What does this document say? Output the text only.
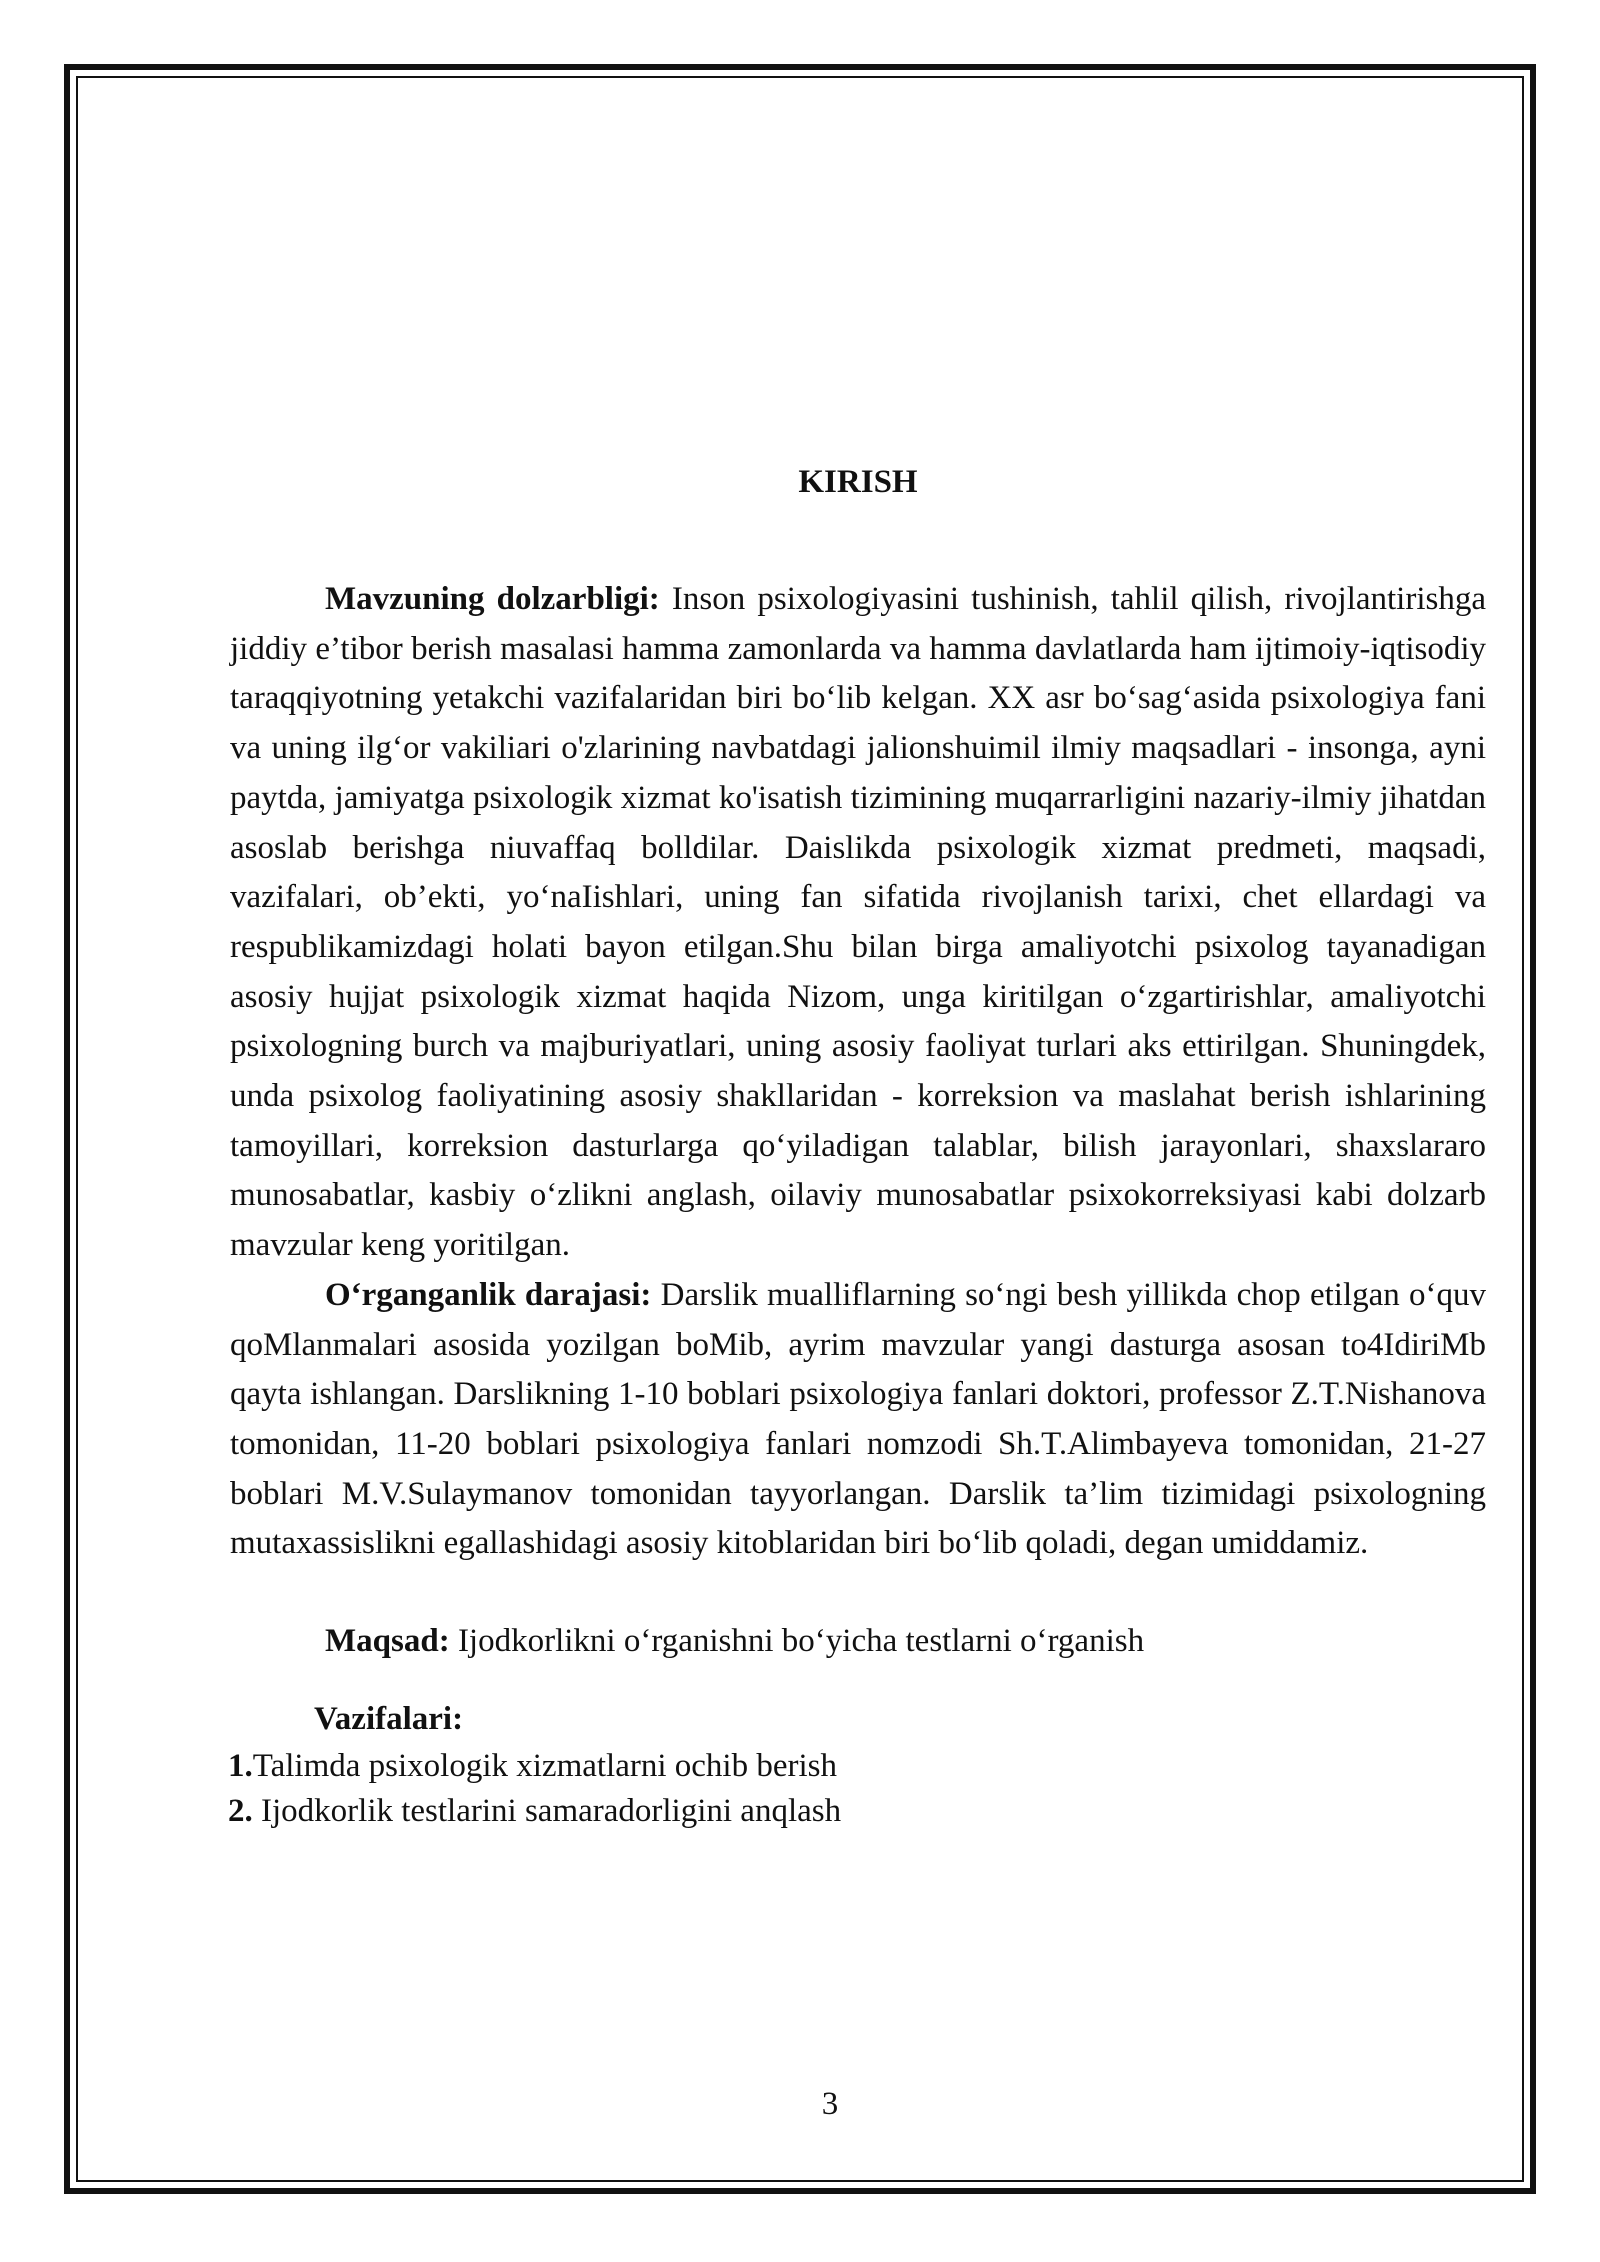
KIRISH

Mavzuning dolzarbligi: Inson psixologiyasini tushinish, tahlil qilish, rivojlantirishga jiddiy e’tibor berish masalasi hamma zamonlarda va hamma davlatlarda ham ijtimoiy-iqtisodiy taraqqiyotning yetakchi vazifalaridan biri boʻlib kelgan. XX asr boʻsagʻasida psixologiya fani va uning ilgʻor vakiliari o'zlarining navbatdagi jalionshuimil ilmiy maqsadlari - insonga, ayni paytda, jamiyatga psixologik xizmat ko'isatish tizimining muqarrarligini nazariy-ilmiy jihatdan asoslab berishga niuvaffaq bolldilar. Daislikda psixologik xizmat predmeti, maqsadi, vazifalari, ob’ekti, yoʻnaIishlari, uning fan sifatida rivojlanish tarixi, chet ellardagi va respublikamizdagi holati bayon etilgan.Shu bilan birga amaliyotchi psixolog tayanadigan asosiy hujjat psixologik xizmat haqida Nizom, unga kiritilgan oʻzgartirishlar, amaliyotchi psixologning burch va majburiyatlari, uning asosiy faoliyat turlari aks ettirilgan. Shuningdek, unda psixolog faoliyatining asosiy shakllaridan - korreksion va maslahat berish ishlarining tamoyillari, korreksion dasturlarga qoʻyiladigan talablar, bilish jarayonlari, shaxslararo munosabatlar, kasbiy oʻzlikni anglash, oilaviy munosabatlar psixokorreksiyasi kabi dolzarb mavzular keng yoritilgan.

Oʻrganganlik darajasi: Darslik mualliflarning soʻngi besh yillikda chop etilgan oʻquv qoMlanmalari asosida yozilgan boMib, ayrim mavzular yangi dasturga asosan to4IdiriMb qayta ishlangan. Darslikning 1-10 boblari psixologiya fanlari doktori, professor Z.T.Nishanova tomonidan, 11-20 boblari psixologiya fanlari nomzodi Sh.T.Alimbayeva tomonidan, 21-27 boblari M.V.Sulaymanov tomonidan tayyorlangan. Darslik ta’lim tizimidagi psixologning mutaxassislikni egallashidagi asosiy kitoblaridan biri boʻlib qoladi, degan umiddamiz.

Maqsad: Ijodkorlikni oʻrganishni boʻyicha testlarni oʻrganish

Vazifalari:

1.Talimda psixologik xizmatlarni ochib berish

2. Ijodkorlik testlarini samaradorligini anqlash

3
